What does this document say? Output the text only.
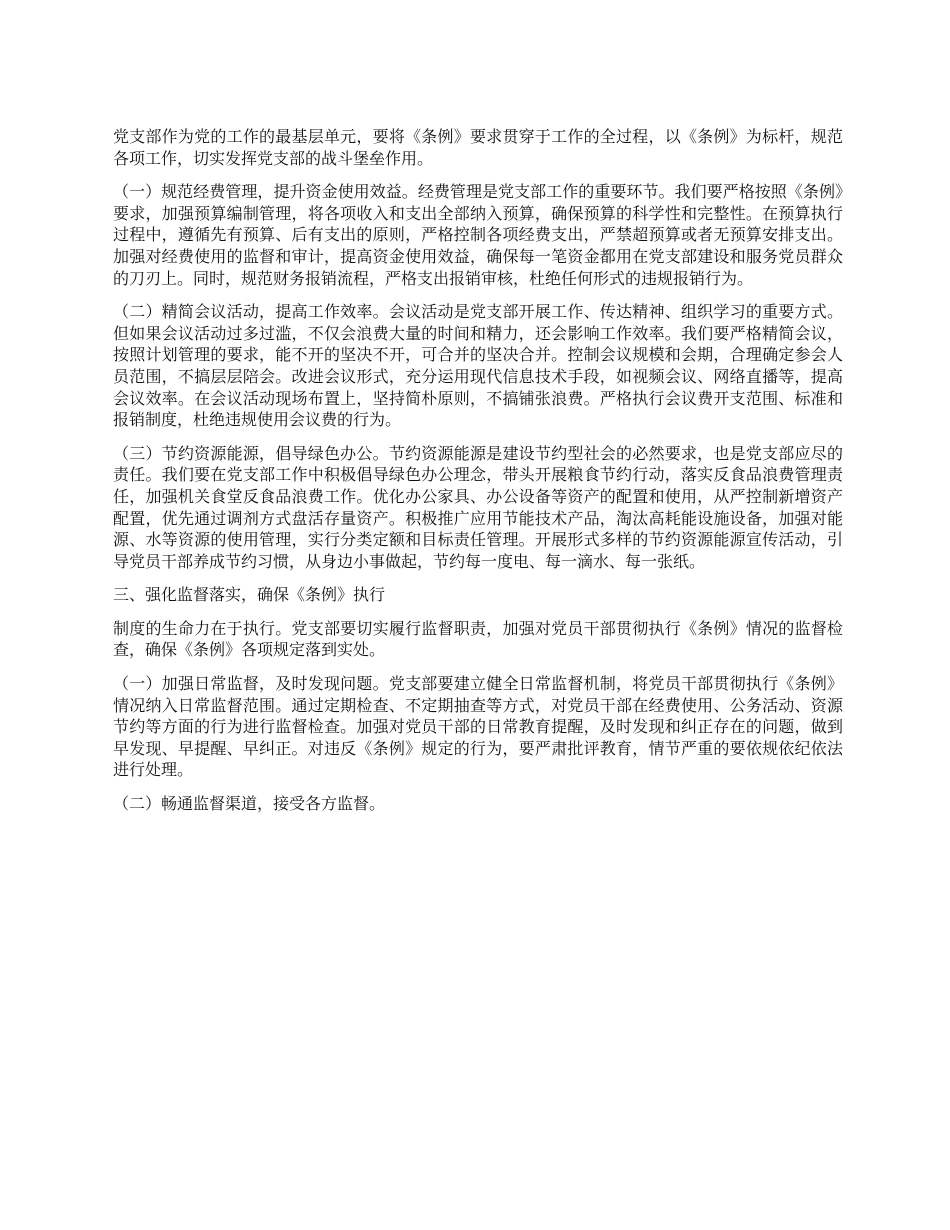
党支部作为党的工作的最基层单元，要将《条例》要求贯穿于工作的全过程，以《条例》为标杆，规范各项工作，切实发挥党支部的战斗堡垒作用。

（一）规范经费管理，提升资金使用效益。经费管理是党支部工作的重要环节。我们要严格按照《条例》要求，加强预算编制管理，将各项收入和支出全部纳入预算，确保预算的科学性和完整性。在预算执行过程中，遵循先有预算、后有支出的原则，严格控制各项经费支出，严禁超预算或者无预算安排支出。加强对经费使用的监督和审计，提高资金使用效益，确保每一笔资金都用在党支部建设和服务党员群众的刀刃上。同时，规范财务报销流程，严格支出报销审核，杜绝任何形式的违规报销行为。

（二）精简会议活动，提高工作效率。会议活动是党支部开展工作、传达精神、组织学习的重要方式。但如果会议活动过多过滥，不仅会浪费大量的时间和精力，还会影响工作效率。我们要严格精简会议，按照计划管理的要求，能不开的坚决不开，可合并的坚决合并。控制会议规模和会期，合理确定参会人员范围，不搞层层陪会。改进会议形式，充分运用现代信息技术手段，如视频会议、网络直播等，提高会议效率。在会议活动现场布置上，坚持简朴原则，不搞铺张浪费。严格执行会议费开支范围、标准和报销制度，杜绝违规使用会议费的行为。

（三）节约资源能源，倡导绿色办公。节约资源能源是建设节约型社会的必然要求，也是党支部应尽的责任。我们要在党支部工作中积极倡导绿色办公理念，带头开展粮食节约行动，落实反食品浪费管理责任，加强机关食堂反食品浪费工作。优化办公家具、办公设备等资产的配置和使用，从严控制新增资产配置，优先通过调剂方式盘活存量资产。积极推广应用节能技术产品，淘汰高耗能设施设备，加强对能源、水等资源的使用管理，实行分类定额和目标责任管理。开展形式多样的节约资源能源宣传活动，引导党员干部养成节约习惯，从身边小事做起，节约每一度电、每一滴水、每一张纸。

三、强化监督落实，确保《条例》执行

制度的生命力在于执行。党支部要切实履行监督职责，加强对党员干部贯彻执行《条例》情况的监督检查，确保《条例》各项规定落到实处。

（一）加强日常监督，及时发现问题。党支部要建立健全日常监督机制，将党员干部贯彻执行《条例》情况纳入日常监督范围。通过定期检查、不定期抽查等方式，对党员干部在经费使用、公务活动、资源节约等方面的行为进行监督检查。加强对党员干部的日常教育提醒，及时发现和纠正存在的问题，做到早发现、早提醒、早纠正。对违反《条例》规定的行为，要严肃批评教育，情节严重的要依规依纪依法进行处理。

（二）畅通监督渠道，接受各方监督。
